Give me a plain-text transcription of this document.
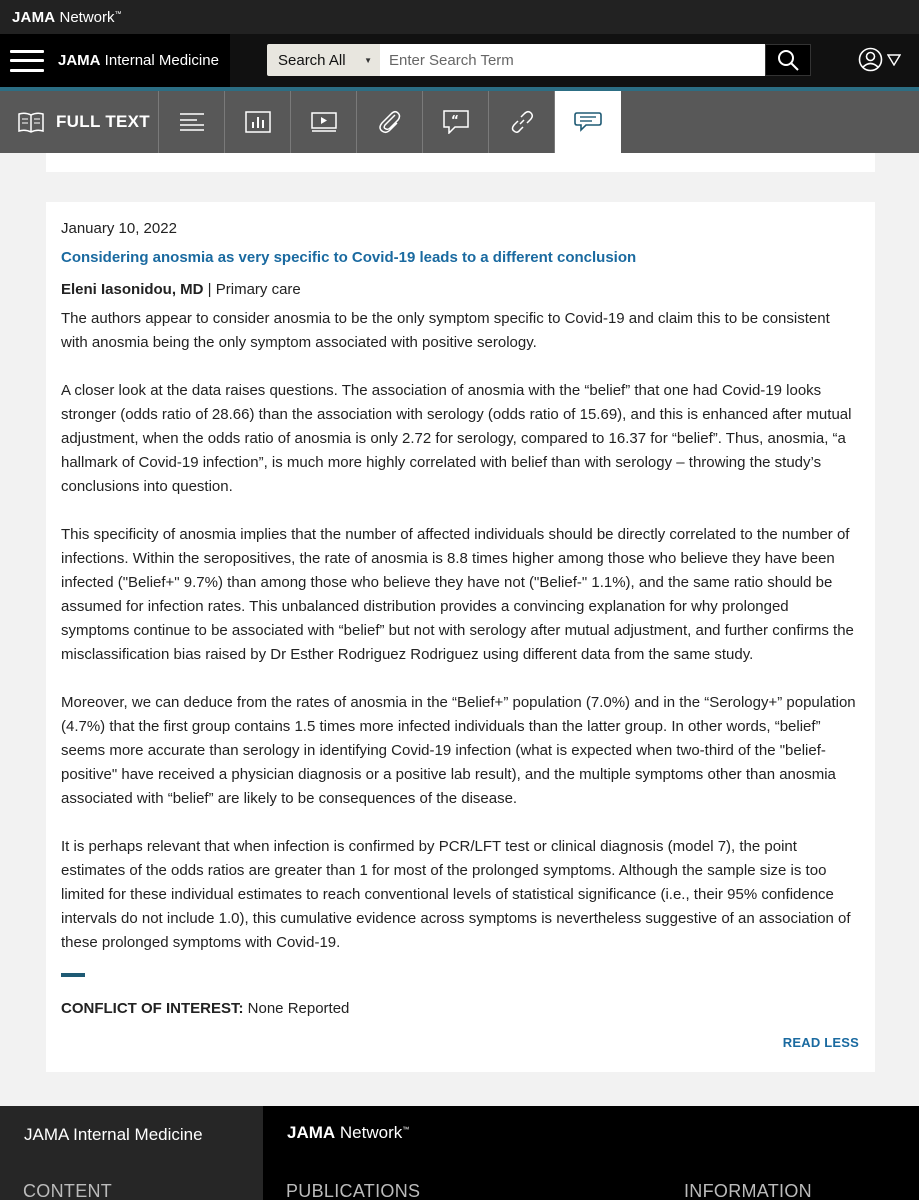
JAMA Network™
JAMA Internal Medicine	Search All ▼
Enter Search Term
FULL TEXT	“
January 10, 2022
Considering anosmia as very specific to Covid-19 leads to a different conclusion
Eleni Iasonidou, MD | Primary care

The authors appear to consider anosmia to be the only symptom specific to Covid-19 and claim this to be consistent with anosmia being the only symptom associated with positive serology.

A closer look at the data raises questions. The association of anosmia with the “belief” that one had Covid-19 looks stronger (odds ratio of 28.66) than the association with serology (odds ratio of 15.69), and this is enhanced after mutual adjustment, when the odds ratio of anosmia is only 2.72 for serology, compared to 16.37 for “belief”. Thus, anosmia, “a hallmark of Covid-19 infection”, is much more highly correlated with belief than with serology – throwing the study’s conclusions into question.

This specificity of anosmia implies that the number of affected individuals should be directly correlated to the number of infections. Within the seropositives, the rate of anosmia is 8.8 times higher among those who believe they have been infected ("Belief+" 9.7%) than among those who believe they have not ("Belief-" 1.1%), and the same ratio should be assumed for infection rates. This unbalanced distribution provides a convincing explanation for why prolonged symptoms continue to be associated with “belief” but not with serology after mutual adjustment, and further confirms the misclassification bias raised by Dr Esther Rodriguez Rodriguez using different data from the same study.

Moreover, we can deduce from the rates of anosmia in the “Belief+” population (7.0%) and in the “Serology+” population (4.7%) that the first group contains 1.5 times more infected individuals than the latter group. In other words, “belief” seems more accurate than serology in identifying Covid-19 infection (what is expected when two-third of the "belief-positive" have received a physician diagnosis or a positive lab result), and the multiple symptoms other than anosmia associated with “belief” are likely to be consequences of the disease.

It is perhaps relevant that when infection is confirmed by PCR/LFT test or clinical diagnosis (model 7), the point estimates of the odds ratios are greater than 1 for most of the prolonged symptoms. Although the sample size is too limited for these individual estimates to reach conventional levels of statistical significance (i.e., their 95% confidence intervals do not include 1.0), this cumulative evidence across symptoms is nevertheless suggestive of an association of these prolonged symptoms with Covid-19.

CONFLICT OF INTEREST: None Reported
READ LESS
JAMA Internal Medicine	JAMA Network™
CONTENT	PUBLICATIONS	INFORMATION
